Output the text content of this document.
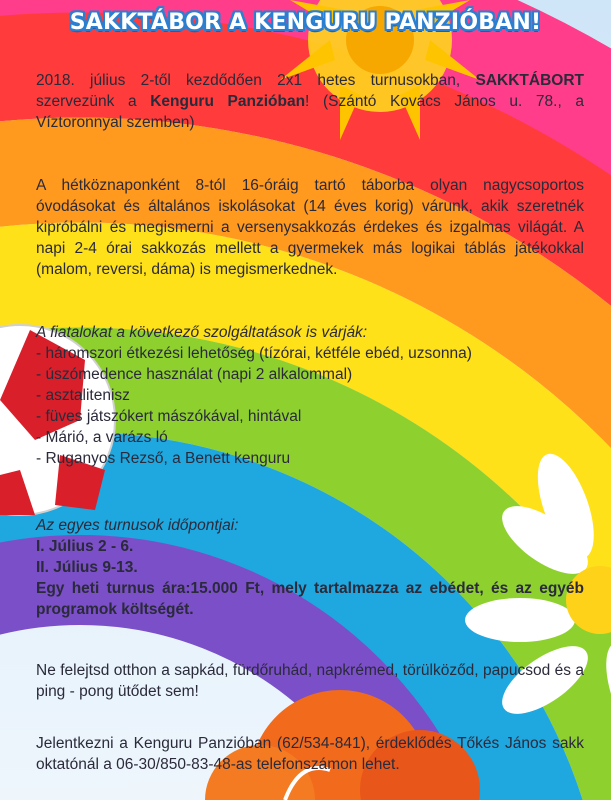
SAKKTÁBOR A KENGURU PANZIÓBAN!

2018. július 2-től kezdődően 2x1 hetes turnusokban, SAKKTÁBORT szervezünk a Kenguru Panzióban! (Szántó Kovács János u. 78., a Víztoronnyal szemben)

A hétköznaponként 8-tól 16-óráig tartó táborba olyan nagycsoportos óvodásokat és általános iskolásokat (14 éves korig) várunk, akik szeretnék kipróbálni és megismerni a versenysakkozás érdekes és izgalmas világát. A napi 2-4 órai sakkozás mellett a gyermekek más logikai táblás játékokkal (malom, reversi, dáma) is megismerkednek.

A fiatalokat a következő szolgáltatások is várják:
- háromszori étkezési lehetőség (tízórai, kétféle ebéd, uzsonna)
- úszómedence használat (napi 2 alkalommal)
- asztalitenisz
- füves játszókert mászókával, hintával
- Márió, a varázs ló
- Ruganyos Rezső, a Benett kenguru
Az egyes turnusok időpontjai:
I. Július 2 - 6.
II. Július 9-13.

Egy heti turnus ára:15.000 Ft, mely tartalmazza az ebédet, és az egyéb programok költségét.

Ne felejtsd otthon a sapkád, fürdőruhád, napkrémed, törülköződ, papucsod és a ping - pong ütődet sem!

Jelentkezni a Kenguru Panzióban (62/534-841), érdeklődés Tőkés János sakk oktatónál a 06-30/850-83-48-as telefonszámon lehet.
